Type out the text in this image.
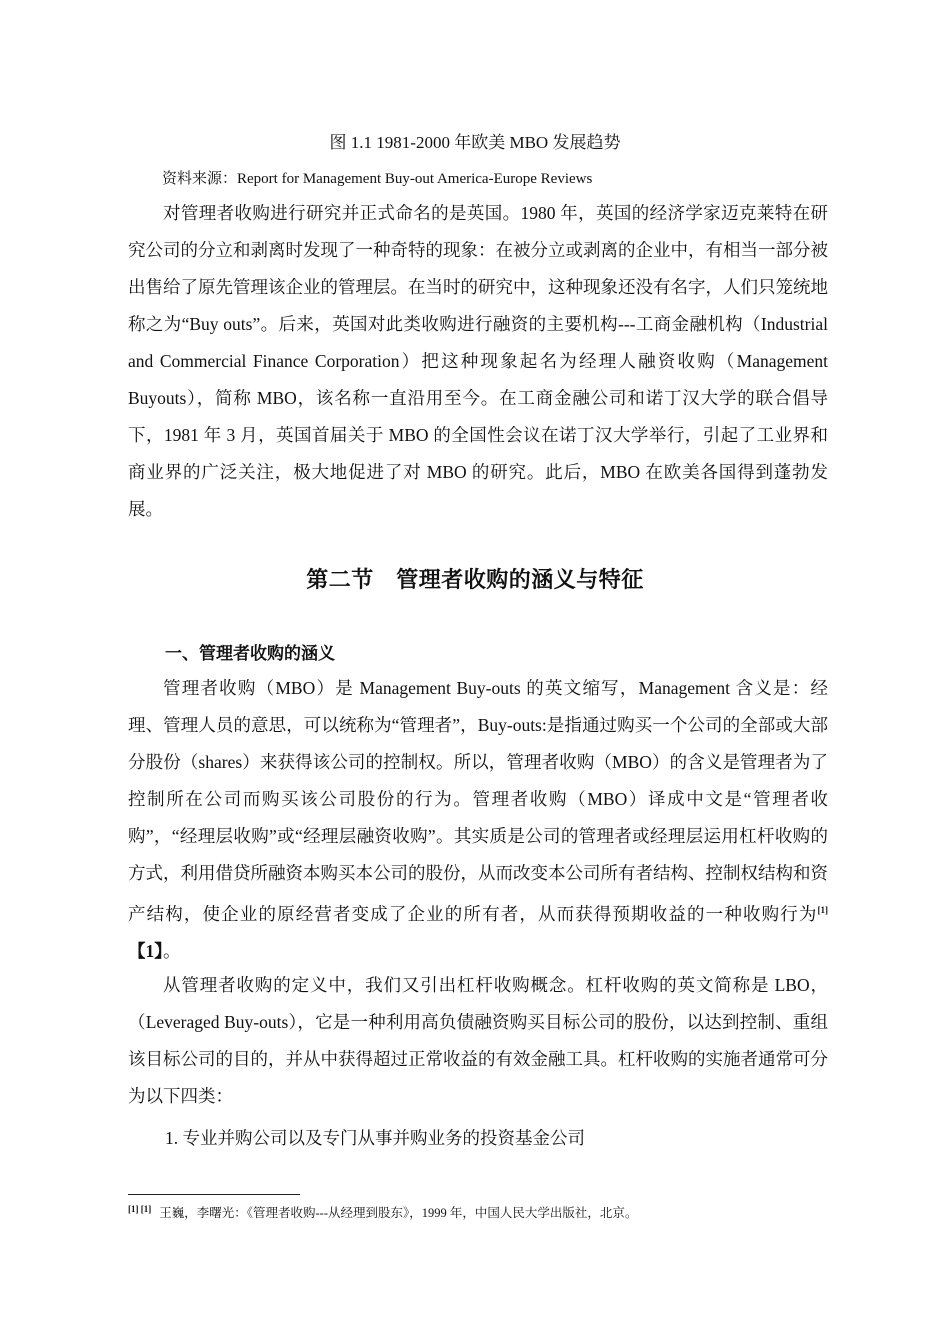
图 1.1 1981-2000 年欧美 MBO 发展趋势
资料来源：Report for Management Buy-out America-Europe Reviews

对管理者收购进行研究并正式命名的是英国。1980 年，英国的经济学家迈克莱特在研究公司的分立和剥离时发现了一种奇特的现象：在被分立或剥离的企业中，有相当一部分被出售给了原先管理该企业的管理层。在当时的研究中，这种现象还没有名字，人们只笼统地称之为“Buy outs”。后来，英国对此类收购进行融资的主要机构---工商金融机构（Industrial and Commercial Finance Corporation）把这种现象起名为经理人融资收购（Management Buyouts），简称 MBO，该名称一直沿用至今。在工商金融公司和诺丁汉大学的联合倡导下，1981 年 3 月，英国首届关于 MBO 的全国性会议在诺丁汉大学举行，引起了工业界和商业界的广泛关注，极大地促进了对 MBO 的研究。此后，MBO 在欧美各国得到蓬勃发展。

第二节　管理者收购的涵义与特征
一、管理者收购的涵义

管理者收购（MBO）是 Management Buy-outs 的英文缩写，Management 含义是：经理、管理人员的意思，可以统称为“管理者”，Buy-outs:是指通过购买一个公司的全部或大部分股份（shares）来获得该公司的控制权。所以，管理者收购（MBO）的含义是管理者为了控制所在公司而购买该公司股份的行为。管理者收购（MBO）译成中文是“管理者收购”，“经理层收购”或“经理层融资收购”。其实质是公司的管理者或经理层运用杠杆收购的方式，利用借贷所融资本购买本公司的股份，从而改变本公司所有者结构、控制权结构和资产结构，使企业的原经营者变成了企业的所有者，从而获得预期收益的一种收购行为[1]【1】。

从管理者收购的定义中，我们又引出杠杆收购概念。杠杆收购的英文简称是 LBO，（Leveraged Buy-outs），它是一种利用高负债融资购买目标公司的股份，以达到控制、重组该目标公司的目的，并从中获得超过正常收益的有效金融工具。杠杆收购的实施者通常可分为以下四类：

1. 专业并购公司以及专门从事并购业务的投资基金公司
[1] [1] 王巍，李曙光：《管理者收购---从经理到股东》，1999 年，中国人民大学出版社，北京。
